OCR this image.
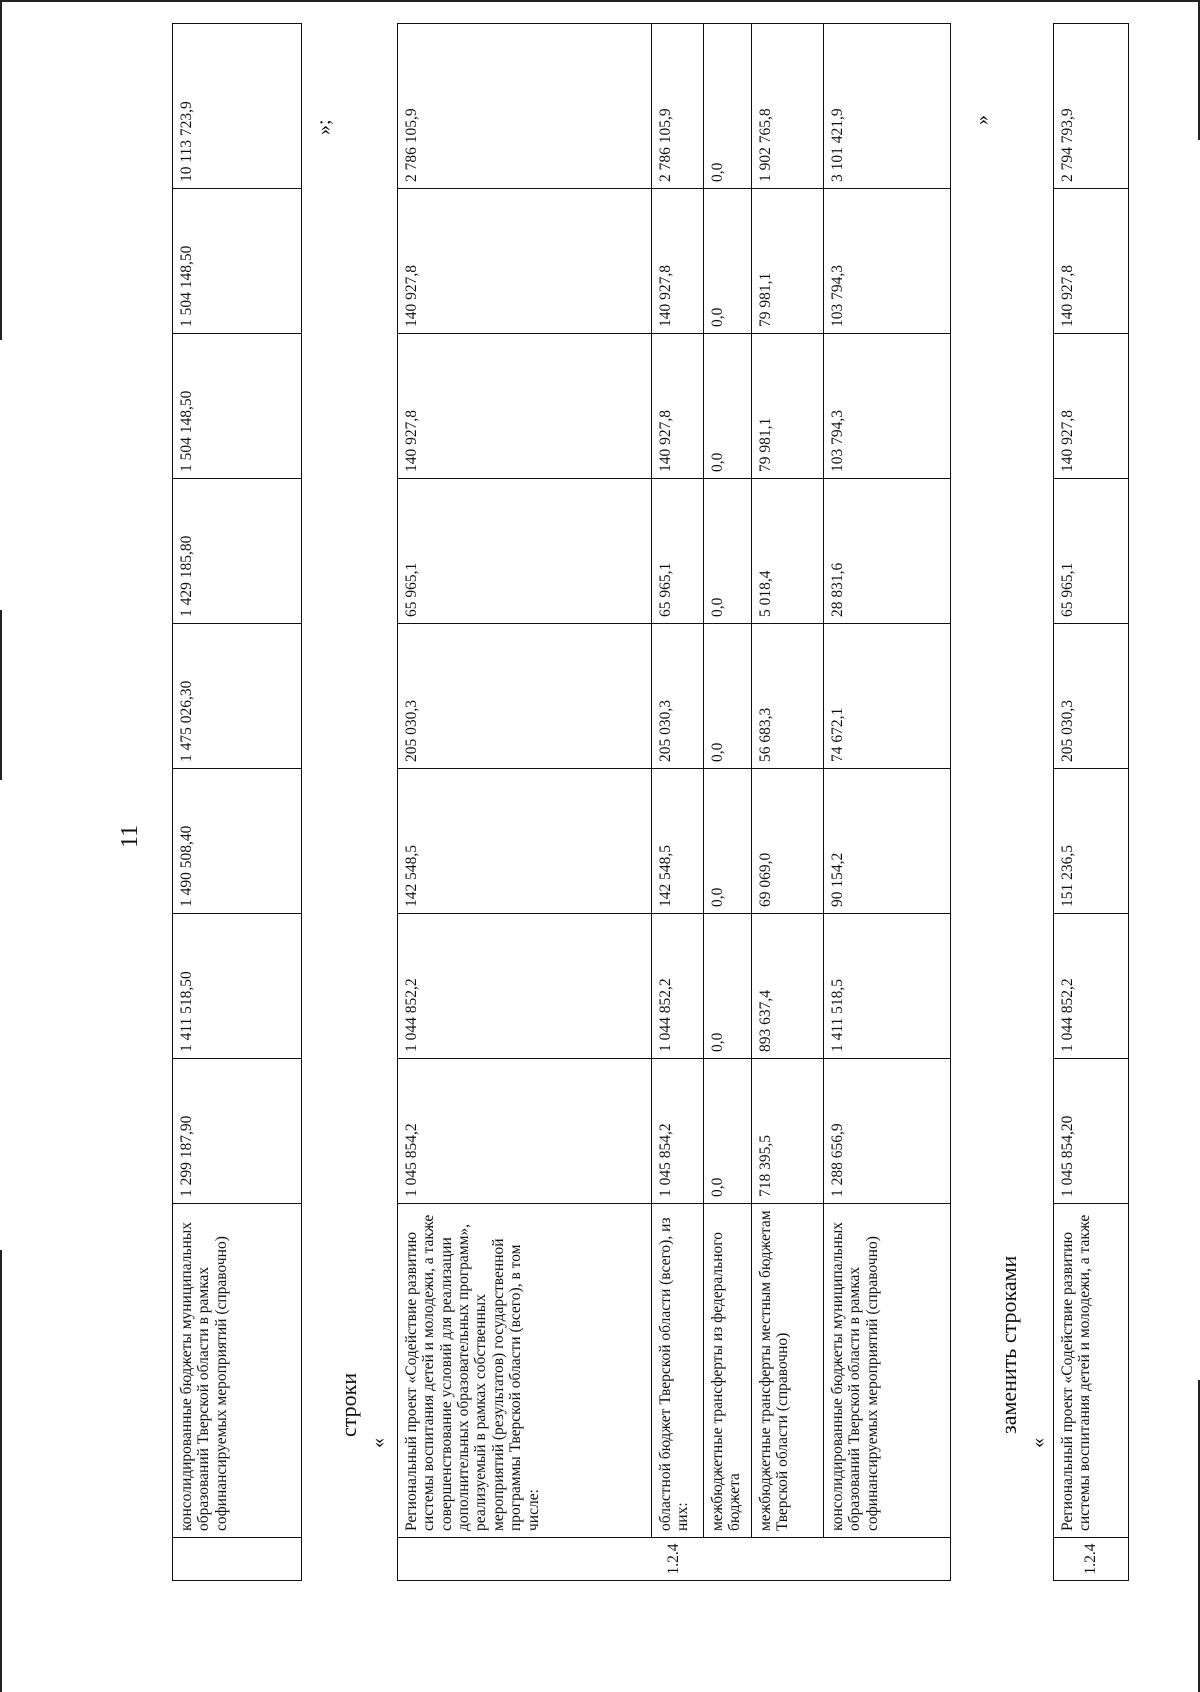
11
	консолидированные бюджеты муниципальных образований Тверской области в рамках софинансируемых мероприятий (справочно)	1 299 187,90	1 411 518,50	1 490 508,40	1 475 026,30	1 429 185,80	1 504 148,50	1 504 148,50	10 113 723,9	»;
строки
«
1.2.4	Региональный проект «Содействие развитию системы воспитания детей и молодежи, а также совершенствование условий для реализации дополнительных образовательных программ», реализуемый в рамках собственных мероприятий (результатов) государственной программы Тверской области (всего), в том числе:	1 045 854,2	1 044 852,2	142 548,5	205 030,3	65 965,1	140 927,8	140 927,8	2 786 105,9
	областной бюджет Тверской области (всего), из них:	1 045 854,2	1 044 852,2	142 548,5	205 030,3	65 965,1	140 927,8	140 927,8	2 786 105,9
	межбюджетные трансферты из федерального бюджета	0,0	0,0	0,0	0,0	0,0	0,0	0,0	0,0
	межбюджетные трансферты местным бюджетам Тверской области (справочно)	718 395,5	893 637,4	69 069,0	56 683,3	5 018,4	79 981,1	79 981,1	1 902 765,8
	консолидированные бюджеты муниципальных образований Тверской области в рамках софинансируемых мероприятий (справочно)	1 288 656,9	1 411 518,5	90 154,2	74 672,1	28 831,6	103 794,3	103 794,3	3 101 421,9	»
заменить строками
«
1.2.4	Региональный проект «Содействие развитию системы воспитания детей и молодежи, а также	1 045 854,20	1 044 852,2	151 236,5	205 030,3	65 965,1	140 927,8	140 927,8	2 794 793,9
